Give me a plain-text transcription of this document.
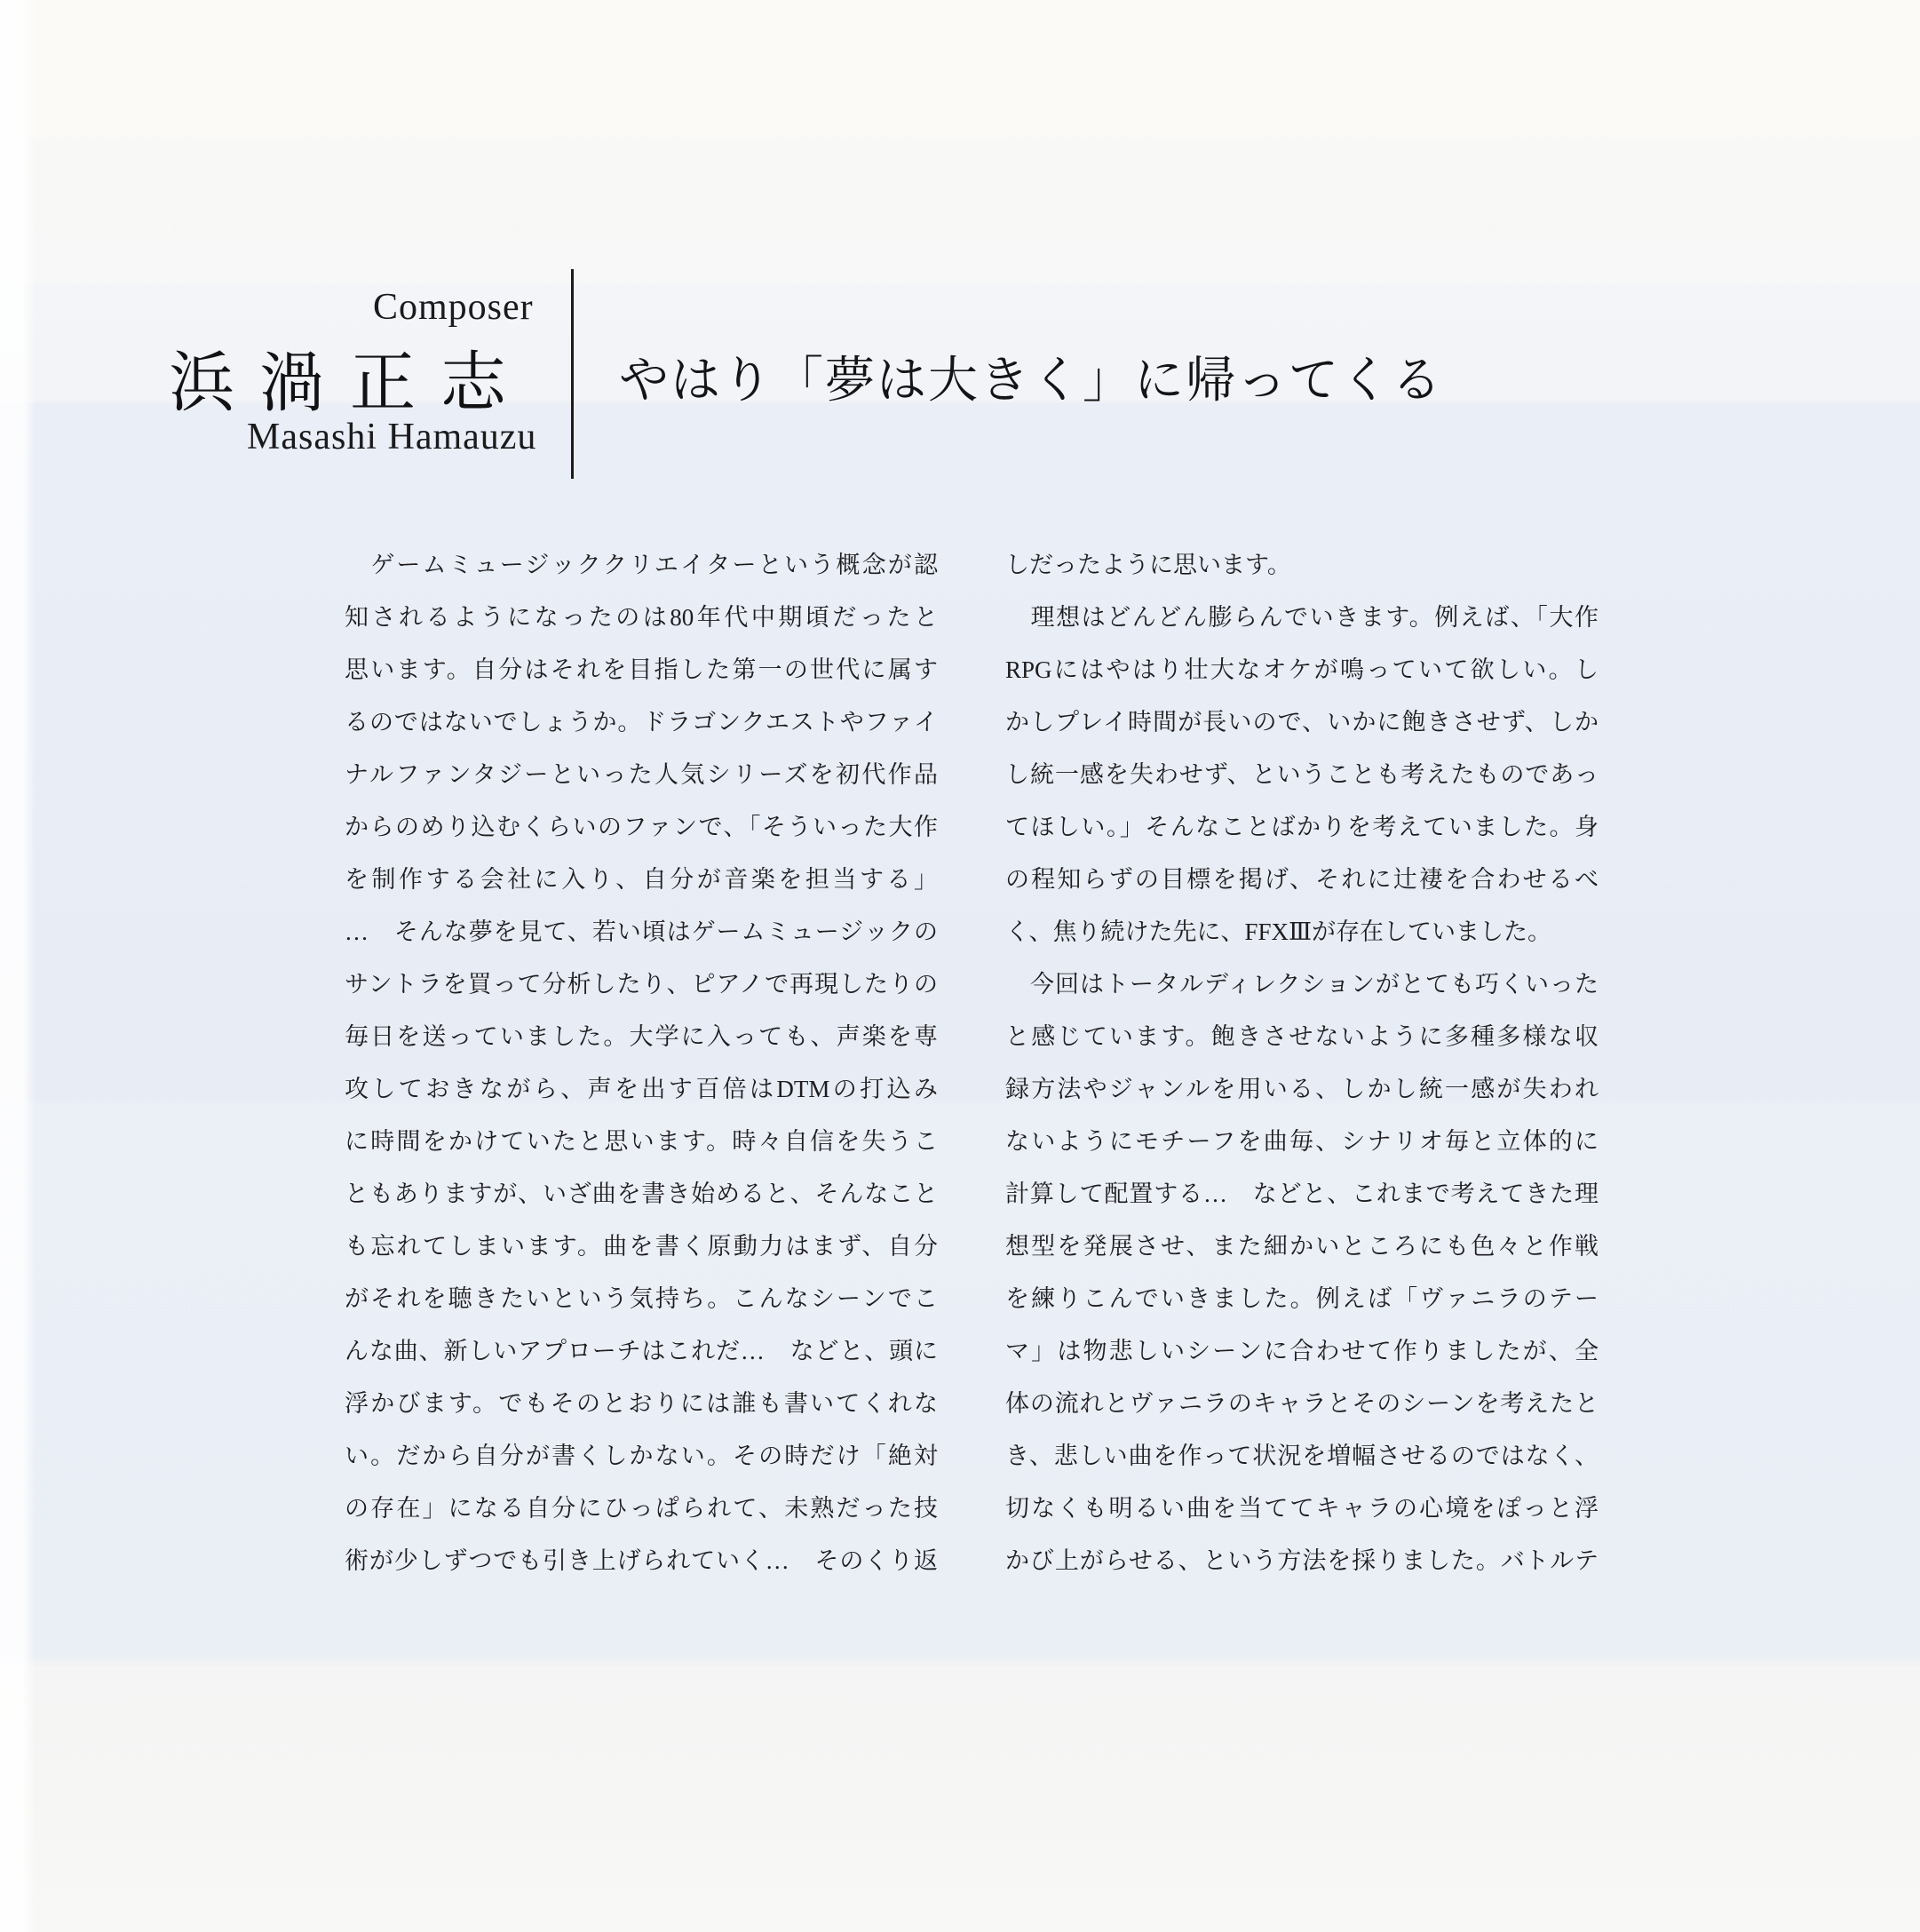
Composer
浜渦正志
Masashi Hamauzu
やはり「夢は大きく」に帰ってくる
　ゲームミュージッククリエイターという概念が認
知されるようになったのは80年代中期頃だったと
思います。自分はそれを目指した第一の世代に属す
るのではないでしょうか。ドラゴンクエストやファイ
ナルファンタジーといった人気シリーズを初代作品
からのめり込むくらいのファンで、「そういった大作
を制作する会社に入り、自分が音楽を担当する」
…　そんな夢を見て、若い頃はゲームミュージックの
サントラを買って分析したり、ピアノで再現したりの
毎日を送っていました。大学に入っても、声楽を専
攻しておきながら、声を出す百倍はDTMの打込み
に時間をかけていたと思います。時々自信を失うこ
ともありますが、いざ曲を書き始めると、そんなこと
も忘れてしまいます。曲を書く原動力はまず、自分
がそれを聴きたいという気持ち。こんなシーンでこ
んな曲、新しいアプローチはこれだ…　などと、頭に
浮かびます。でもそのとおりには誰も書いてくれな
い。だから自分が書くしかない。その時だけ「絶対
の存在」になる自分にひっぱられて、未熟だった技
術が少しずつでも引き上げられていく…　そのくり返
しだったように思います。
　理想はどんどん膨らんでいきます。例えば、「大作
RPGにはやはり壮大なオケが鳴っていて欲しい。し
かしプレイ時間が長いので、いかに飽きさせず、しか
し統一感を失わせず、ということも考えたものであっ
てほしい。」そんなことばかりを考えていました。身
の程知らずの目標を掲げ、それに辻褄を合わせるべ
く、焦り続けた先に、FFXⅢが存在していました。
　今回はトータルディレクションがとても巧くいった
と感じています。飽きさせないように多種多様な収
録方法やジャンルを用いる、しかし統一感が失われ
ないようにモチーフを曲毎、シナリオ毎と立体的に
計算して配置する…　などと、これまで考えてきた理
想型を発展させ、また細かいところにも色々と作戦
を練りこんでいきました。例えば「ヴァニラのテー
マ」は物悲しいシーンに合わせて作りましたが、全
体の流れとヴァニラのキャラとそのシーンを考えたと
き、悲しい曲を作って状況を増幅させるのではなく、
切なくも明るい曲を当ててキャラの心境をぽっと浮
かび上がらせる、という方法を採りました。バトルテ
